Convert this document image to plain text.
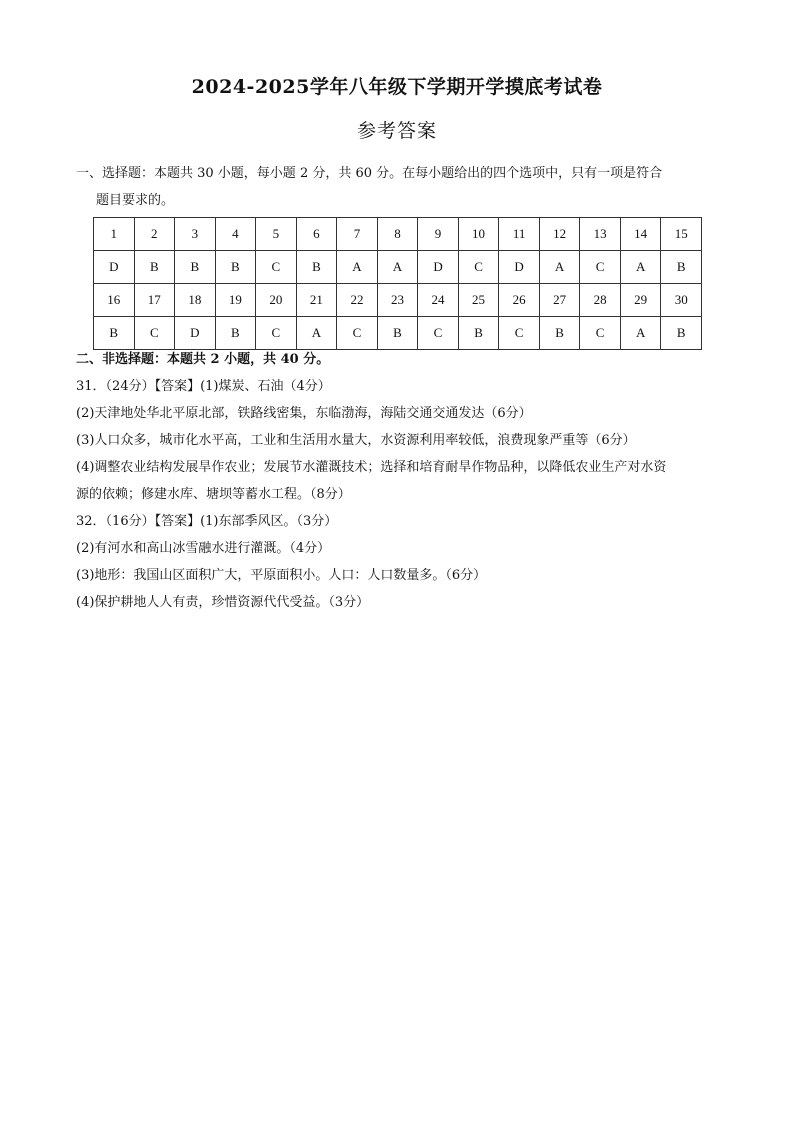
2024-2025学年八年级下学期开学摸底考试卷
参考答案
一、选择题：本题共 30 小题，每小题 2 分，共 60 分。在每小题给出的四个选项中，只有一项是符合
题目要求的。
1	2	3	4	5	6	7	8	9	10	11	12	13	14	15
D	B	B	B	C	B	A	A	D	C	D	A	C	A	B
16	17	18	19	20	21	22	23	24	25	26	27	28	29	30
B	C	D	B	C	A	C	B	C	B	C	B	C	A	B

二、非选择题：本题共 2 小题，共 40 分。

31．（24分）【答案】(1)煤炭、石油（4分）

(2)天津地处华北平原北部，铁路线密集，东临渤海，海陆交通交通发达（6分）

(3)人口众多，城市化水平高，工业和生活用水量大，水资源利用率较低，浪费现象严重等（6分）

(4)调整农业结构发展旱作农业；发展节水灌溉技术；选择和培育耐旱作物品种，以降低农业生产对水资

源的依赖；修建水库、塘坝等蓄水工程。（8分）

32．（16分）【答案】(1)东部季风区。（3分）

(2)有河水和高山冰雪融水进行灌溉。（4分）

(3)地形：我国山区面积广大，平原面积小。人口：人口数量多。（6分）

(4)保护耕地人人有责，珍惜资源代代受益。（3分）
